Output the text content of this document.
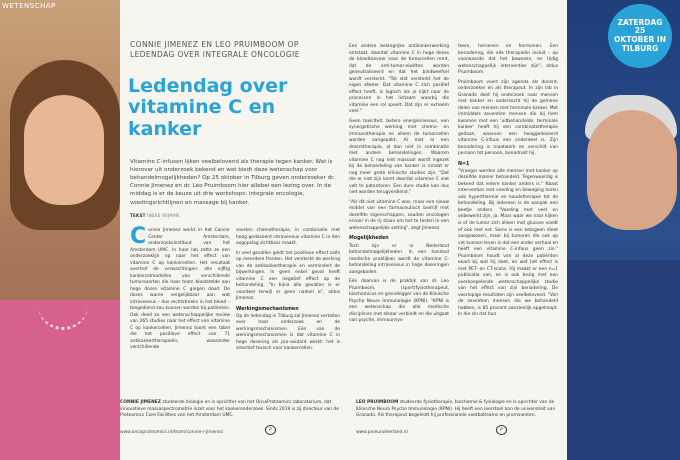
WETENSCHAP
ZATERDAG 25 OKTOBER IN TILBURG
CONNIE JIMENEZ EN LEO PRUIMBOOM OP LEDENDAG OVER INTEGRALE ONCOLOGIE
Ledendag over vitamine C en kanker
Vitamine C-infusen lijken veelbelovend als therapie tegen kanker. Wat is hierover uit onderzoek bekend en wat biedt deze wetenschap voor behandelmogelijkheden? Op 25 oktober in Tilburg geven onderzoeker dr. Connie Jimenez en dr. Leo Pruimboom hier allebei een lezing over. In de middag is er de keuze uit drie workshops: integrale oncologie, voedingsrichtlijnen en massage bij kanker.
TEKST INEKE WIJMAN

Connie Jimenez werkt in het Cancer Center Amsterdam, onderzoeksinstituut van het Amsterdam UMC. In haar lab zette ze een onderzoeklijn op naar het effect van vitamine C op kankercellen. Het resultaat overtrof de verwachtingen: alle vijftig kankercelmodellen van verschillende tumorsoorten die haar team blootstelde aan hoge doses vitamine C gingen dood. De doses waren vergelijkbaar aan wat intraveneus – dus rechtstreeks in het bloed – toegediend zou kunnen worden bij patiënten. Ook deed ze een wetenschappelijke review van 265 studies naar het effect van vitamine C op kankercellen. Jimenez toont een tabel die het positieve effect van 71 antikankertherapieën, waaronder verschillende

soorten chemotherapie, in combinatie met hoog gedoseerd intraveneus vitamine C in één oogopslag zichtbaar maakt.

In veel gevallen geldt het positieve effect zelfs op meerdere fronten. Het versterkt de werking van de antikankertherapie en vermindert de bijwerkingen. In geen enkel geval heeft vitamine C een negatief effect op de behandeling. "In bijna alle gevallen is er voordeel terwijl er geen nadeel is", aldus Jimenez.

Werkingsmechanismen

Op de ledendag in Tilburg zal Jimenez vertellen over haar onderzoek en de werkingsmechanismen. Eén van de werkingsmechanismen is dat vitamine C in hoge dosering als pro-oxidant werkt: het is selectief toxisch voor kankercellen.

Een andere belangrijke antikankerwerking ontstaat, doordat vitamine C in hoge doses de bloedtoevoer naar de tumorcellen remt, dat de anti-tumor-eiwitten worden geneutraliseerd en dat het bindweefsel wordt versterkt. "Tot slot versterkt het de eigen afweer. Dat vitamine C zich positief effect heeft, is logisch als je kijkt naar de processen in het lichaam waarbij die vitamine een rol speelt. Dat zijn er extreem veel."

Geen toxiciteit, betere energieniveaus, een synergetische werking met chemo- en immunotherapie en alleen de tumorcellen worden aangepakt. Al met al een droomtherapie, al dan niet in combinatie met andere behandelingen. Waarom vitamine C nog niet massaal wordt ingezet bij de behandeling van kanker is omdat er nog meer grote klinische studies zijn. "Dat die er niet zijn komt doordat vitamine C niet valt te patenteren. Een dure studie kan dus niet worden terugverdiend."

"Als dit niet vitamine C was, maar een nieuw middel van een farmaceutisch bedrijf met dezelfde eigenschappen, zouden oncologen ervoor in de rij staan om het te testen in een wetenschappelijke setting", zegt Jimenez.

Mogelijkheden

Toch zijn er in Nederland behandelmogelijkheden. In een handvol medische praktijken wordt de vitamine C-behandeling intraveneus in hoge doseringen aangeboden.

Eén daarvan is de praktijk van dr. Leo Pruimboom, (sport)fysiotherapeut, biochemicus en grondlegger van de Klinische Psycho Neuro Immunologie (KPNI). "KPNI is een wetenschap die alle medische disciplines met elkaar verbindt en die uitgaat van psyche, immuunsys-

teem, hersenen en hormonen. Een benadering, die alle therapieën insluit – op voorwaarde dat het bewezen, en tijdig wetenschappelijk interventies zijn", aldus Pruimboom.

Pruimboom voert zijn agenda als docent, onderzoeker en als therapeut. In zijn lab in Granada doet hij onderzoek naar mensen met kanker en onderzocht hij de gemene delen van mensen met terminale kanker. Met immiddels zeventien mensen die bij hem kwamen met een 'uitbehandelde, terminale kanker' heeft hij een combinatietherapie gedaan, waarvan een hooggedoseerd vitamine C-infuus een onderdeel is. Zijn benadering is maatwerk en verschilt van persoon tot persoon, benadrukt hij.

N=1

"Vroeger werden alle mensen met kanker op dezelfde manier behandeld. Tegenwoordig is bekend dat iedere kanker anders is." Naast interventies met voeding en beweging horen ook hyperthermie en koudetherapie tot de behandeling. Bij iedereen is de aanpak een beetje anders. "Voeding met veel en onbewerkt zijn, ja. Maar waar we naar kijken is of de tumor zich alleen met glucose voedt of ook met vet. Soms is een ketogeen dieet aangewezen, maar bij tumoren die ook op vet kunnen leven is dat een ander verhaal en heeft een vitamine C-infuus geen zin." Pruimboom houdt van al deze patiënten exact bij wat hij doet, en wat het effect is met PET- en CT-scans. Hij maakt er een n=1 publicatie van, en is ook bezig met een overkoepelende wetenschappelijke studie van het effect van zijn benadering. De voorlopige resultaten zijn veelbelovend. "Van de zeventien mensen die we behandeld hebben, is 85 procent aanzienlijk opgeknapt. In die zin dat hun

CONNIE JIMENEZ studeerde biologie en is oprichter van het OncoProteomics laboratorium, dat innovatieve massaspectrometrie inzet voor het kankeronderzoek. Sinds 2019 is zij directeur van de Proteomics Core Facilities van het Amsterdam UMC.
www.oncoproteomics.nl/team/connie-r-jimenez
P
LEO PRUIMBOOM studeerde fysiotherapie, biochemie & fysiologie en is oprichter van de Klinische Neuro Psycho Immunologie (KPNI). Hij heeft een leerstoel aan de universiteit van Granada. Als therapeut begeleidt hij professionele voetbalteams en prominenten.
www.pnieuroleerland.nl
P
